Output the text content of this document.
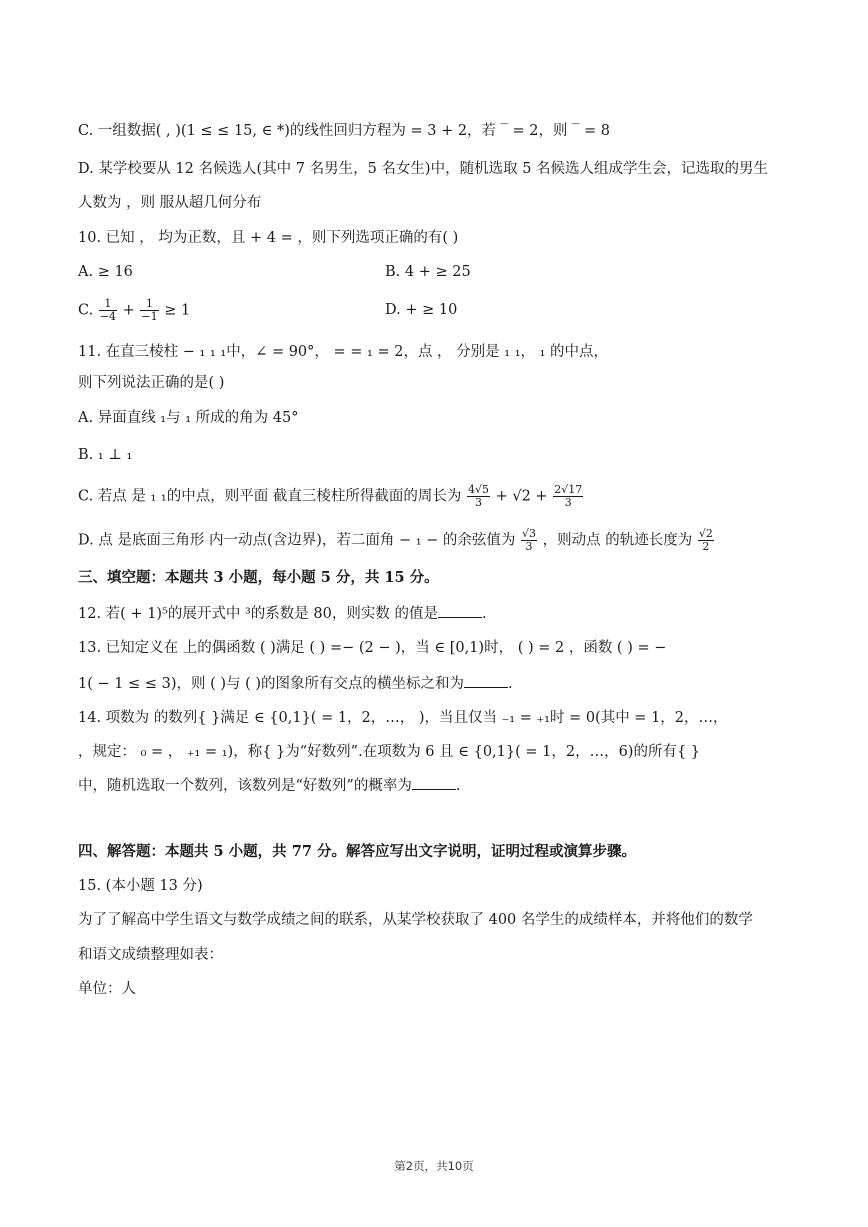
C. 一组数据( , )(1 ≤ ≤ 15, ∈ *)的线性回归方程为 = 3 + 2，若 ‾ = 2，则 ‾ = 8
D. 某学校要从 12 名候选人(其中 7 名男生，5 名女生)中，随机选取 5 名候选人组成学生会，记选取的男生
人数为 ，则 服从超几何分布
10. 已知 ， 均为正数，且 + 4 = ，则下列选项正确的有( )
A. ≥ 16	B. 4 + ≥ 25
C. $\frac{1}{-4} + \frac{1}{-1} \ge 1$	D. + ≥ 10
11. 在直三棱柱 − ₁ ₁ ₁中，∠ = 90°， = = ₁ = 2，点 ， 分别是 ₁ ₁， ₁ 的中点，
则下列说法正确的是( )
A. 异面直线 ₁与 ₁ 所成的角为 45°
B. ₁ ⊥ ₁
C. 若点 是 ₁ ₁的中点，则平面 截直三棱柱所得截面的周长为 $\frac{4√5}{3} + √2 + \frac{2√17}{3}$
D. 点 是底面三角形 内一动点(含边界)，若二面角 − ₁ − 的余弦值为 $\frac{√3}{3}$ ，则动点 的轨迹长度为 $\frac{√2}{2}$
三、填空题：本题共 3 小题，每小题 5 分，共 15 分。
12. 若( + 1)⁵的展开式中 ³的系数是 80，则实数 的值是	.
13. 已知定义在 上的偶函数 ( )满足 ( ) =− (2 − )，当 ∈ [0,1)时， ( ) = 2 ，函数 ( ) = −
1( − 1 ≤ ≤ 3)，则 ( )与 ( )的图象所有交点的横坐标之和为	.
14. 项数为 的数列{ }满足 ∈ {0,1}( = 1，2，…， )，当且仅当 ₋₁ = ₊₁时 = 0(其中 = 1，2，…，
，规定： ₀ = ， ₊₁ = ₁)，称{ }为“好数列”.在项数为 6 且 ∈ {0,1}( = 1，2，…，6)的所有{ }
中，随机选取一个数列，该数列是“好数列”的概率为	.
四、解答题：本题共 5 小题，共 77 分。解答应写出文字说明，证明过程或演算步骤。
15. (本小题 13 分)
为了了解高中学生语文与数学成绩之间的联系，从某学校获取了 400 名学生的成绩样本，并将他们的数学
和语文成绩整理如表：
单位：人
第2页，共10页
